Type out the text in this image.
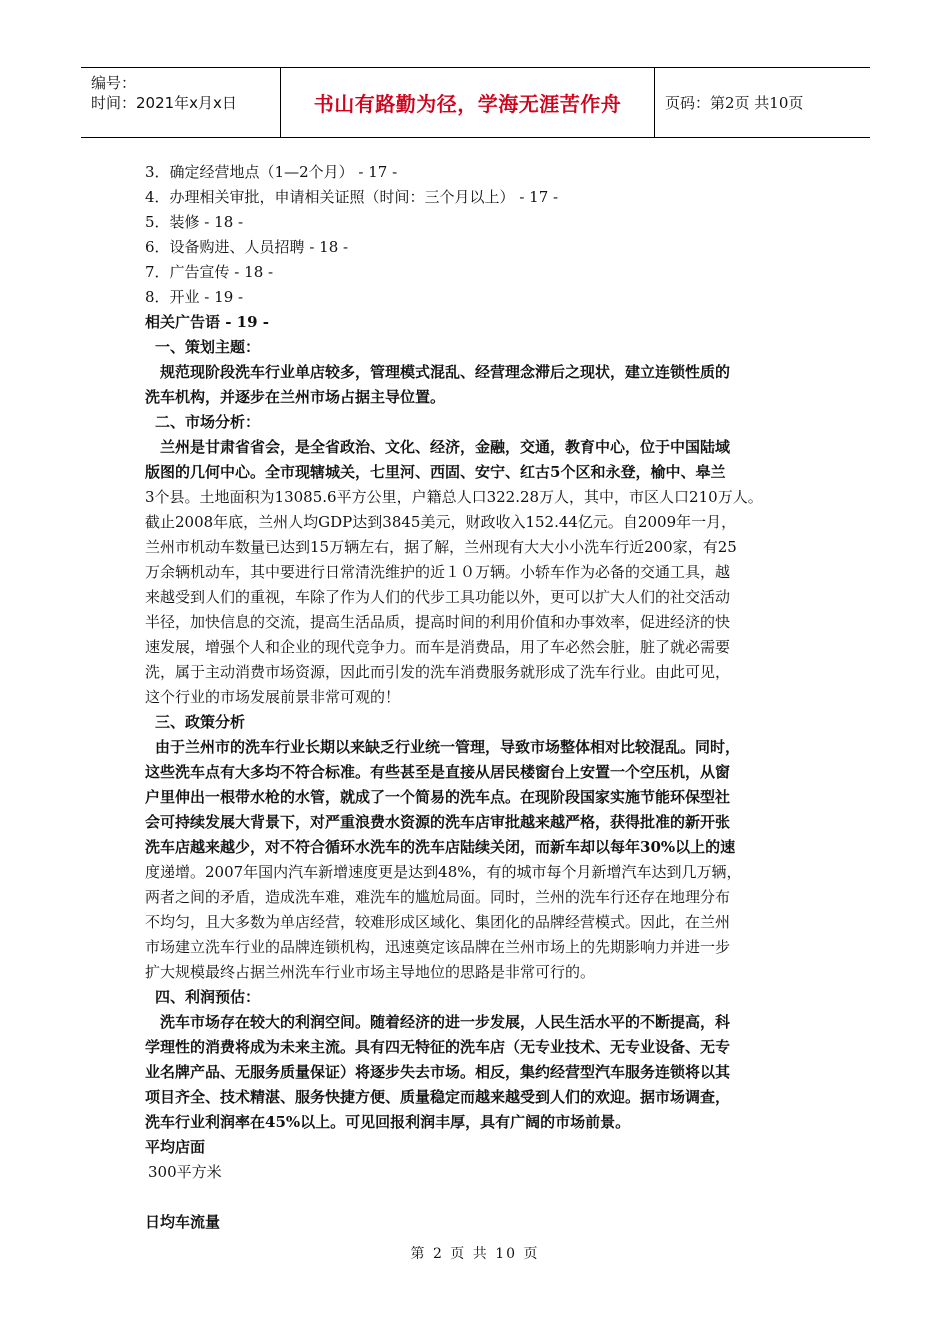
编号：
时间：2021年x月x日	书山有路勤为径，学海无涯苦作舟	页码：第2页 共10页
3．确定经营地点（1—2个月） - 17 -
4．办理相关审批，申请相关证照（时间：三个月以上） - 17 -
5．装修 - 18 -
6．设备购进、人员招聘 - 18 -
7．广告宣传 - 18 -
8．开业 - 19 -
相关广告语 - 19 -
一、策划主题：
规范现阶段洗车行业单店较多，管理模式混乱、经营理念滞后之现状，建立连锁性质的
洗车机构，并逐步在兰州市场占据主导位置。
二、市场分析：
兰州是甘肃省省会，是全省政治、文化、经济，金融，交通，教育中心，位于中国陆域
版图的几何中心。全市现辖城关，七里河、西固、安宁、红古5个区和永登，榆中、皋兰
3个县。土地面积为13085.6平方公里，户籍总人口322.28万人，其中，市区人口210万人。
截止2008年底，兰州人均GDP达到3845美元，财政收入152.44亿元。自2009年一月，
兰州市机动车数量已达到15万辆左右，据了解，兰州现有大大小小洗车行近200家，有25
万余辆机动车，其中要进行日常清洗维护的近１０万辆。小轿车作为必备的交通工具，越
来越受到人们的重视，车除了作为人们的代步工具功能以外，更可以扩大人们的社交活动
半径，加快信息的交流，提高生活品质，提高时间的利用价值和办事效率，促进经济的快
速发展，增强个人和企业的现代竞争力。而车是消费品，用了车必然会脏，脏了就必需要
洗，属于主动消费市场资源，因此而引发的洗车消费服务就形成了洗车行业。由此可见，
这个行业的市场发展前景非常可观的！
三、政策分析
由于兰州市的洗车行业长期以来缺乏行业统一管理，导致市场整体相对比较混乱。同时，
这些洗车点有大多均不符合标准。有些甚至是直接从居民楼窗台上安置一个空压机，从窗
户里伸出一根带水枪的水管，就成了一个简易的洗车点。在现阶段国家实施节能环保型社
会可持续发展大背景下，对严重浪费水资源的洗车店审批越来越严格，获得批准的新开张
洗车店越来越少，对不符合循环水洗车的洗车店陆续关闭，而新车却以每年30%以上的速
度递增。2007年国内汽车新增速度更是达到48%，有的城市每个月新增汽车达到几万辆，
两者之间的矛盾，造成洗车难，难洗车的尴尬局面。同时，兰州的洗车行还存在地理分布
不均匀，且大多数为单店经营，较难形成区域化、集团化的品牌经营模式。因此，在兰州
市场建立洗车行业的品牌连锁机构，迅速奠定该品牌在兰州市场上的先期影响力并进一步
扩大规模最终占据兰州洗车行业市场主导地位的思路是非常可行的。
四、利润预估：
洗车市场存在较大的利润空间。随着经济的进一步发展，人民生活水平的不断提高，科
学理性的消费将成为未来主流。具有四无特征的洗车店（无专业技术、无专业设备、无专
业名牌产品、无服务质量保证）将逐步失去市场。相反，集约经营型汽车服务连锁将以其
项目齐全、技术精湛、服务快捷方便、质量稳定而越来越受到人们的欢迎。据市场调查，
洗车行业利润率在45%以上。可见回报利润丰厚，具有广阔的市场前景。
平均店面
300平方米
日均车流量
第 2 页 共 10 页
